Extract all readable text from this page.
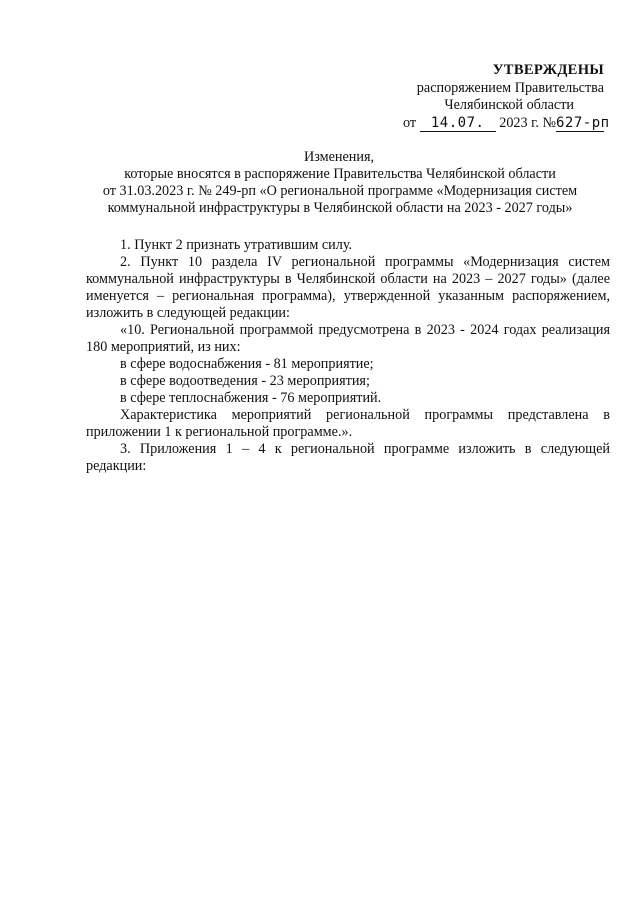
УТВЕРЖДЕНЫ
распоряжением Правительства
Челябинской области
от 14.07. 2023 г. №627-рп
Изменения,
которые вносятся в распоряжение Правительства Челябинской области
от 31.03.2023 г. № 249-рп «О региональной программе «Модернизация систем
коммунальной инфраструктуры в Челябинской области на 2023 - 2027 годы»

1. Пункт 2 признать утратившим силу.

2. Пункт 10 раздела IV региональной программы «Модернизация систем коммунальной инфраструктуры в Челябинской области на 2023 – 2027 годы» (далее именуется – региональная программа), утвержденной указанным распоряжением, изложить в следующей редакции:

«10. Региональной программой предусмотрена в 2023 - 2024 годах реализация 180 мероприятий, из них:

в сфере водоснабжения - 81 мероприятие;

в сфере водоотведения - 23 мероприятия;

в сфере теплоснабжения - 76 мероприятий.

Характеристика мероприятий региональной программы представлена в приложении 1 к региональной программе.».

3. Приложения 1 – 4 к региональной программе изложить в следующей редакции:
